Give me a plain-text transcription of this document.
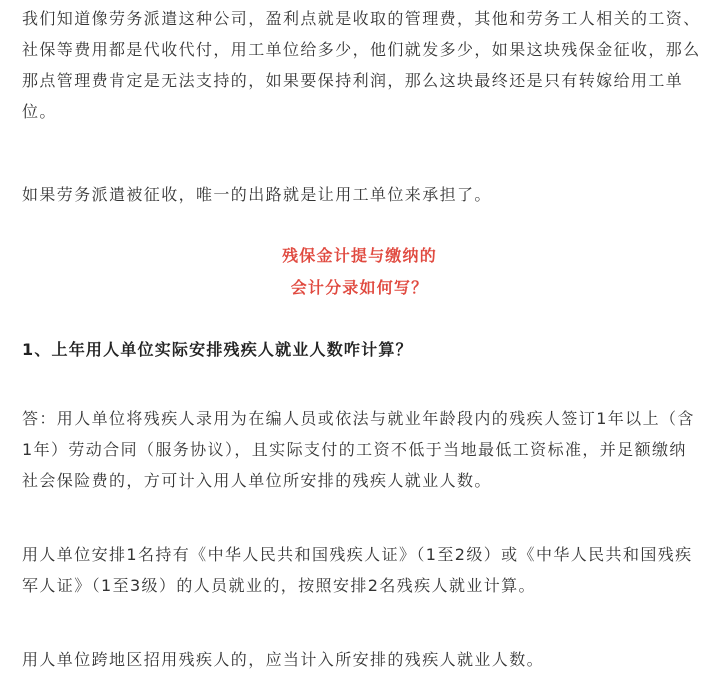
我们知道像劳务派遣这种公司，盈利点就是收取的管理费，其他和劳务工人相关的工资、社保等费用都是代收代付，用工单位给多少，他们就发多少，如果这块残保金征收，那么那点管理费肯定是无法支持的，如果要保持利润，那么这块最终还是只有转嫁给用工单位。

如果劳务派遣被征收，唯一的出路就是让用工单位来承担了。

残保金计提与缴纳的

会计分录如何写？

1、上年用人单位实际安排残疾人就业人数咋计算？

答：用人单位将残疾人录用为在编人员或依法与就业年龄段内的残疾人签订1年以上（含1年）劳动合同（服务协议），且实际支付的工资不低于当地最低工资标准，并足额缴纳社会保险费的，方可计入用人单位所安排的残疾人就业人数。

用人单位安排1名持有《中华人民共和国残疾人证》（1至2级）或《中华人民共和国残疾军人证》（1至3级）的人员就业的，按照安排2名残疾人就业计算。

用人单位跨地区招用残疾人的，应当计入所安排的残疾人就业人数。
